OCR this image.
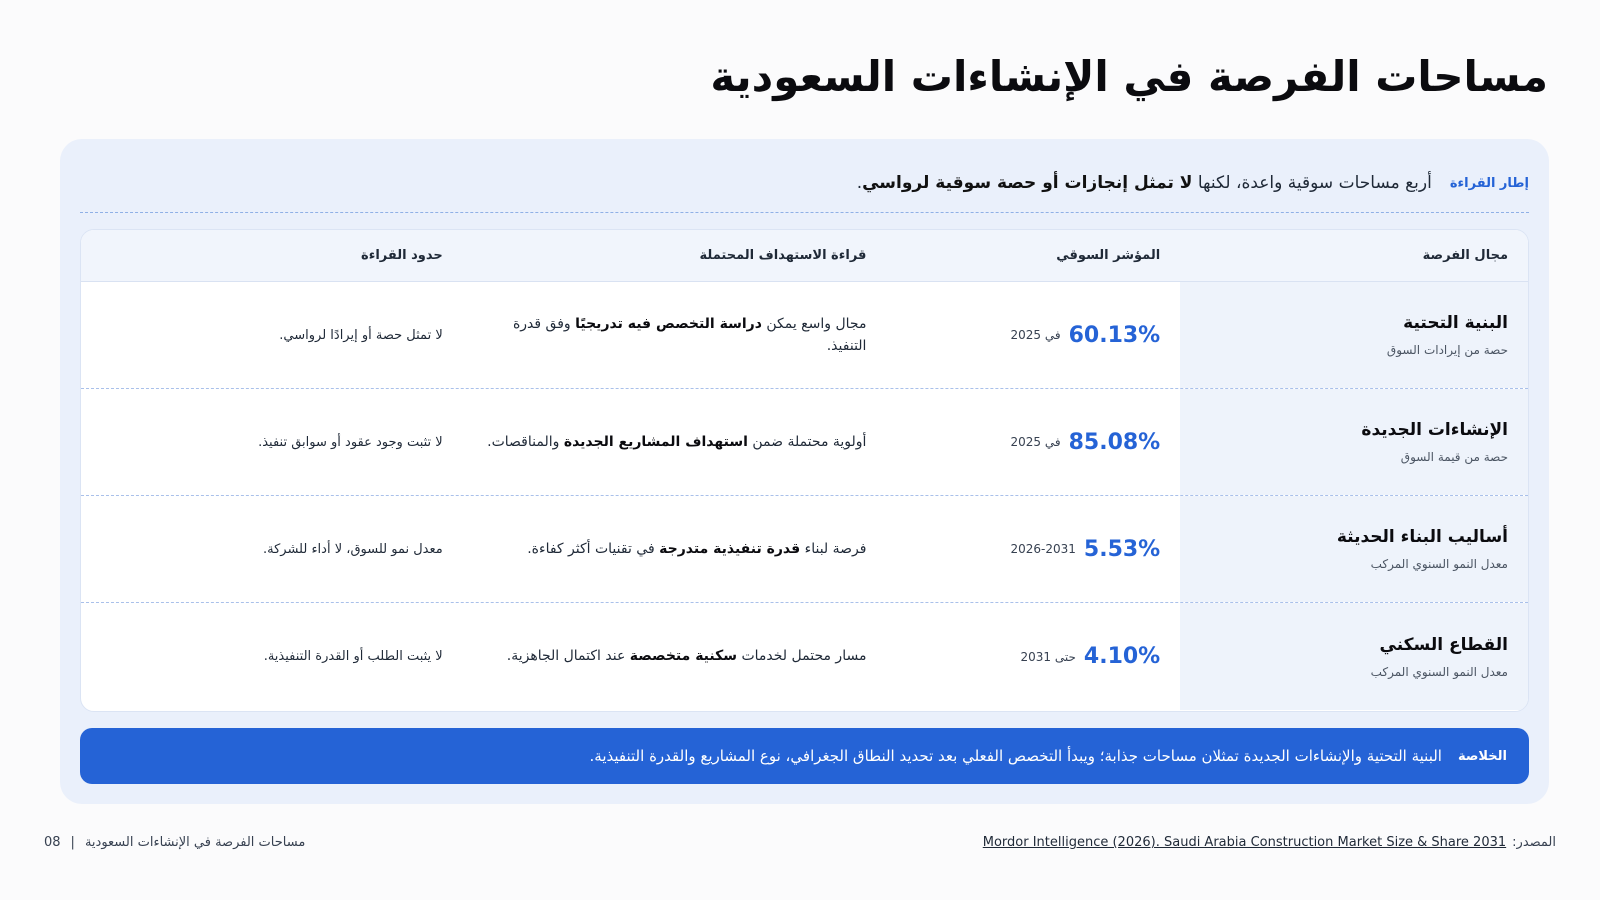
مساحات الفرصة في الإنشاءات السعودية
إطار القراءة
أربع مساحات سوقية واعدة، لكنها لا تمثل إنجازات أو حصة سوقية لرواسي.
مجال الفرصة
المؤشر السوقي
قراءة الاستهداف المحتملة
حدود القراءة
البنية التحتية
حصة من إيرادات السوق
60.13%
في 2025
مجال واسع يمكن دراسة التخصص فيه تدريجيًا وفق قدرة التنفيذ.
لا تمثل حصة أو إيرادًا لرواسي.
الإنشاءات الجديدة
حصة من قيمة السوق
85.08%
في 2025
أولوية محتملة ضمن استهداف المشاريع الجديدة والمناقصات.
لا تثبت وجود عقود أو سوابق تنفيذ.
أساليب البناء الحديثة
معدل النمو السنوي المركب
5.53%
2026-2031
فرصة لبناء قدرة تنفيذية متدرجة في تقنيات أكثر كفاءة.
معدل نمو للسوق، لا أداء للشركة.
القطاع السكني
معدل النمو السنوي المركب
4.10%
حتى 2031
مسار محتمل لخدمات سكنية متخصصة عند اكتمال الجاهزية.
لا يثبت الطلب أو القدرة التنفيذية.
الخلاصة
البنية التحتية والإنشاءات الجديدة تمثلان مساحات جذابة؛ ويبدأ التخصص الفعلي بعد تحديد النطاق الجغرافي، نوع المشاريع والقدرة التنفيذية.
المصدر:
Mordor Intelligence (2026). Saudi Arabia Construction Market Size & Share 2031
مساحات الفرصة في الإنشاءات السعودية
|
08
